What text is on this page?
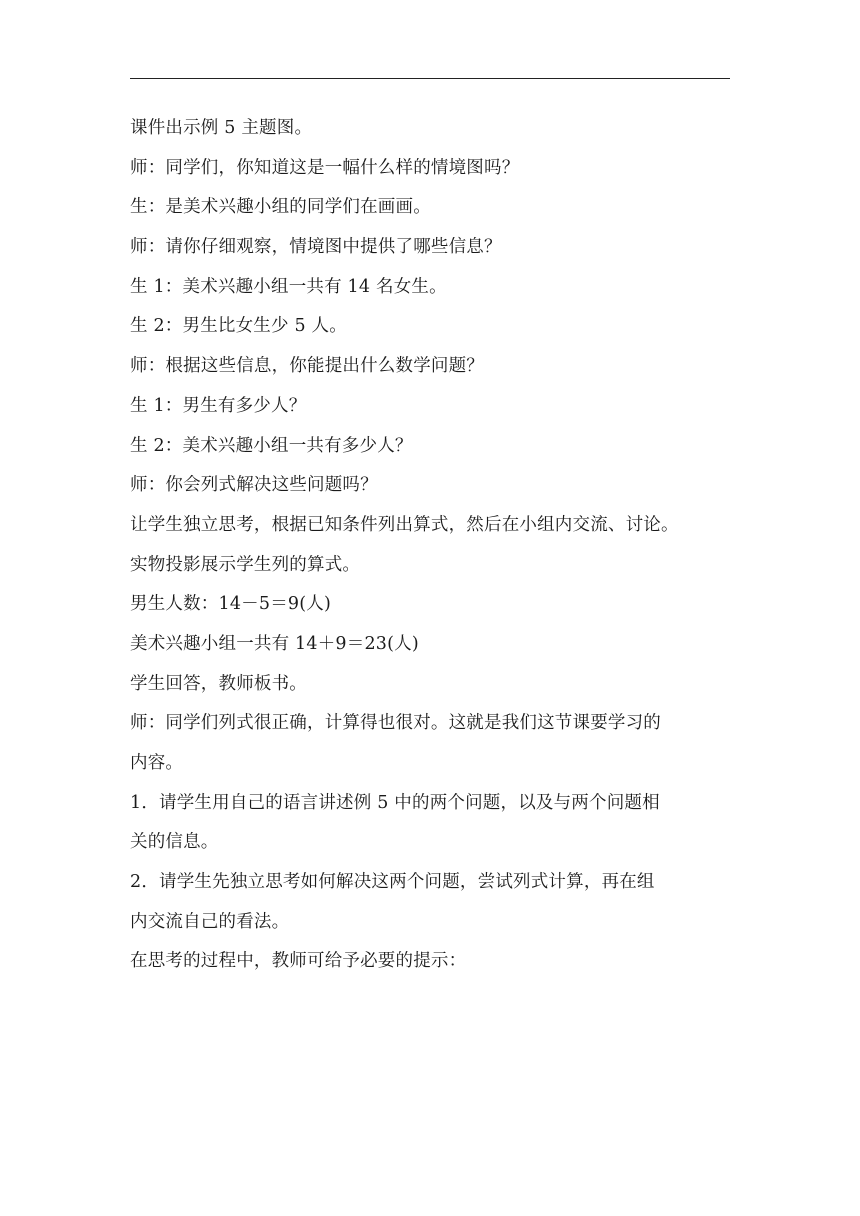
课件出示例 5 主题图。
师：同学们，你知道这是一幅什么样的情境图吗？
生：是美术兴趣小组的同学们在画画。
师：请你仔细观察，情境图中提供了哪些信息？
生 1：美术兴趣小组一共有 14 名女生。
生 2：男生比女生少 5 人。
师：根据这些信息，你能提出什么数学问题？
生 1：男生有多少人？
生 2：美术兴趣小组一共有多少人？
师：你会列式解决这些问题吗？
让学生独立思考，根据已知条件列出算式，然后在小组内交流、讨论。
实物投影展示学生列的算式。
男生人数：14－5＝9(人)
美术兴趣小组一共有 14＋9＝23(人)
学生回答，教师板书。
师：同学们列式很正确，计算得也很对。这就是我们这节课要学习的
内容。
1．请学生用自己的语言讲述例 5 中的两个问题，以及与两个问题相
关的信息。
2．请学生先独立思考如何解决这两个问题，尝试列式计算，再在组
内交流自己的看法。
在思考的过程中，教师可给予必要的提示：
